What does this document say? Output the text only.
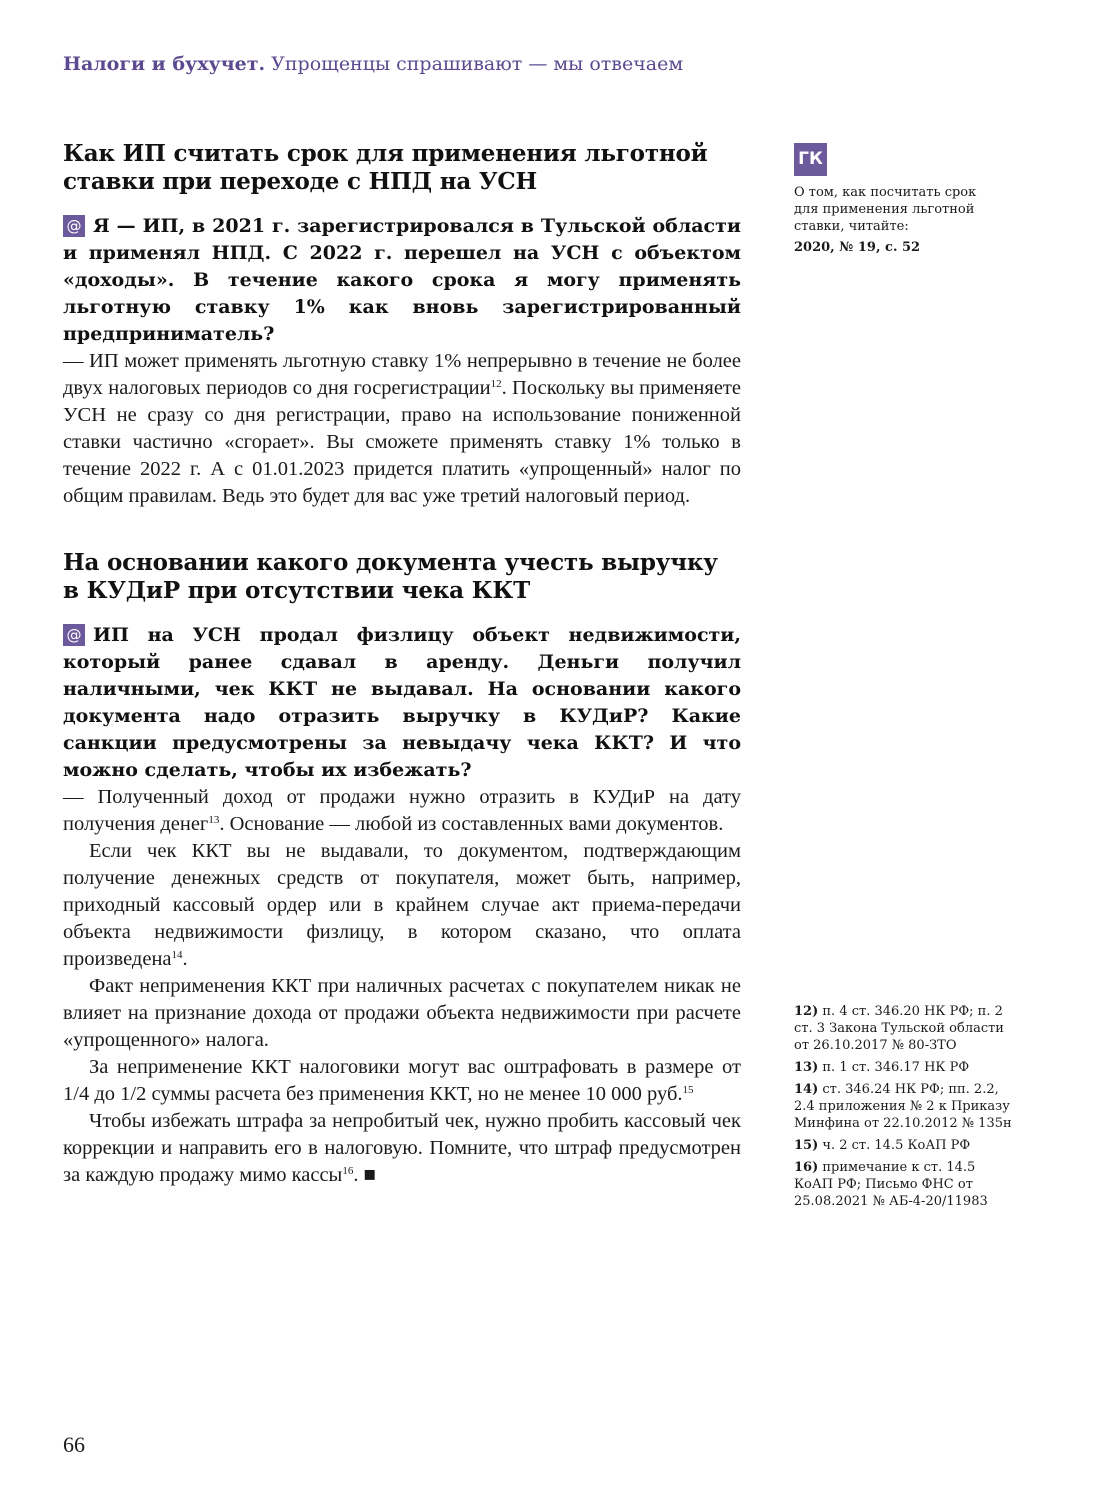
Налоги и бухучет. Упрощенцы спрашивают — мы отвечаем
Как ИП считать срок для применения льготной
ставки при переходе с НПД на УСН

@ Я — ИП, в 2021 г. зарегистрировался в Тульской области и применял НПД. С 2022 г. перешел на УСН с объектом «доходы». В течение какого срока я могу применять льготную ставку 1% как вновь зарегистрированный предприниматель?

— ИП может применять льготную ставку 1% непрерывно в течение не более двух налоговых периодов со дня госрегистрации$^{12}$. Поскольку вы применяете УСН не сразу со дня регистрации, право на использование пониженной ставки частично «сгорает». Вы сможете применять ставку 1% только в течение 2022 г. А с 01.01.2023 придется платить «упрощенный» налог по общим правилам. Ведь это будет для вас уже третий налоговый период.

На основании какого документа учесть выручку
в КУДиР при отсутствии чека ККТ

@ ИП на УСН продал физлицу объект недвижимости, который ранее сдавал в аренду. Деньги получил наличными, чек ККТ не выдавал. На основании какого документа надо отразить выручку в КУДиР? Какие санкции предусмотрены за невыдачу чека ККТ? И что можно сделать, чтобы их избежать?

— Полученный доход от продажи нужно отразить в КУДиР на дату получения денег$^{13}$. Основание — любой из составленных вами документов.

Если чек ККТ вы не выдавали, то документом, подтверждающим получение денежных средств от покупателя, может быть, например, приходный кассовый ордер или в крайнем случае акт приема-передачи объекта недвижимости физлицу, в котором сказано, что оплата произведена$^{14}$.

Факт неприменения ККТ при наличных расчетах с покупателем никак не влияет на признание дохода от продажи объекта недвижимости при расчете «упрощенного» налога.

За неприменение ККТ налоговики могут вас оштрафовать в размере от 1/4 до 1/2 суммы расчета без применения ККТ, но не менее 10 000 руб.$^{15}$

Чтобы избежать штрафа за непробитый чек, нужно пробить кассовый чек коррекции и направить его в налоговую. Помните, что штраф предусмотрен за каждую продажу мимо кассы$^{16}$. ■

ГК
О том, как посчитать срок
для применения льготной
ставки, читайте:
2020, № 19, с. 52

12) п. 4 ст. 346.20 НК РФ; п. 2 ст. 3 Закона Тульской области от 26.10.2017 № 80-ЗТО

13) п. 1 ст. 346.17 НК РФ

14) ст. 346.24 НК РФ; пп. 2.2, 2.4 приложения № 2 к Приказу Минфина от 22.10.2012 № 135н

15) ч. 2 ст. 14.5 КоАП РФ

16) примечание к ст. 14.5 КоАП РФ; Письмо ФНС от 25.08.2021 № АБ-4-20/11983

66
